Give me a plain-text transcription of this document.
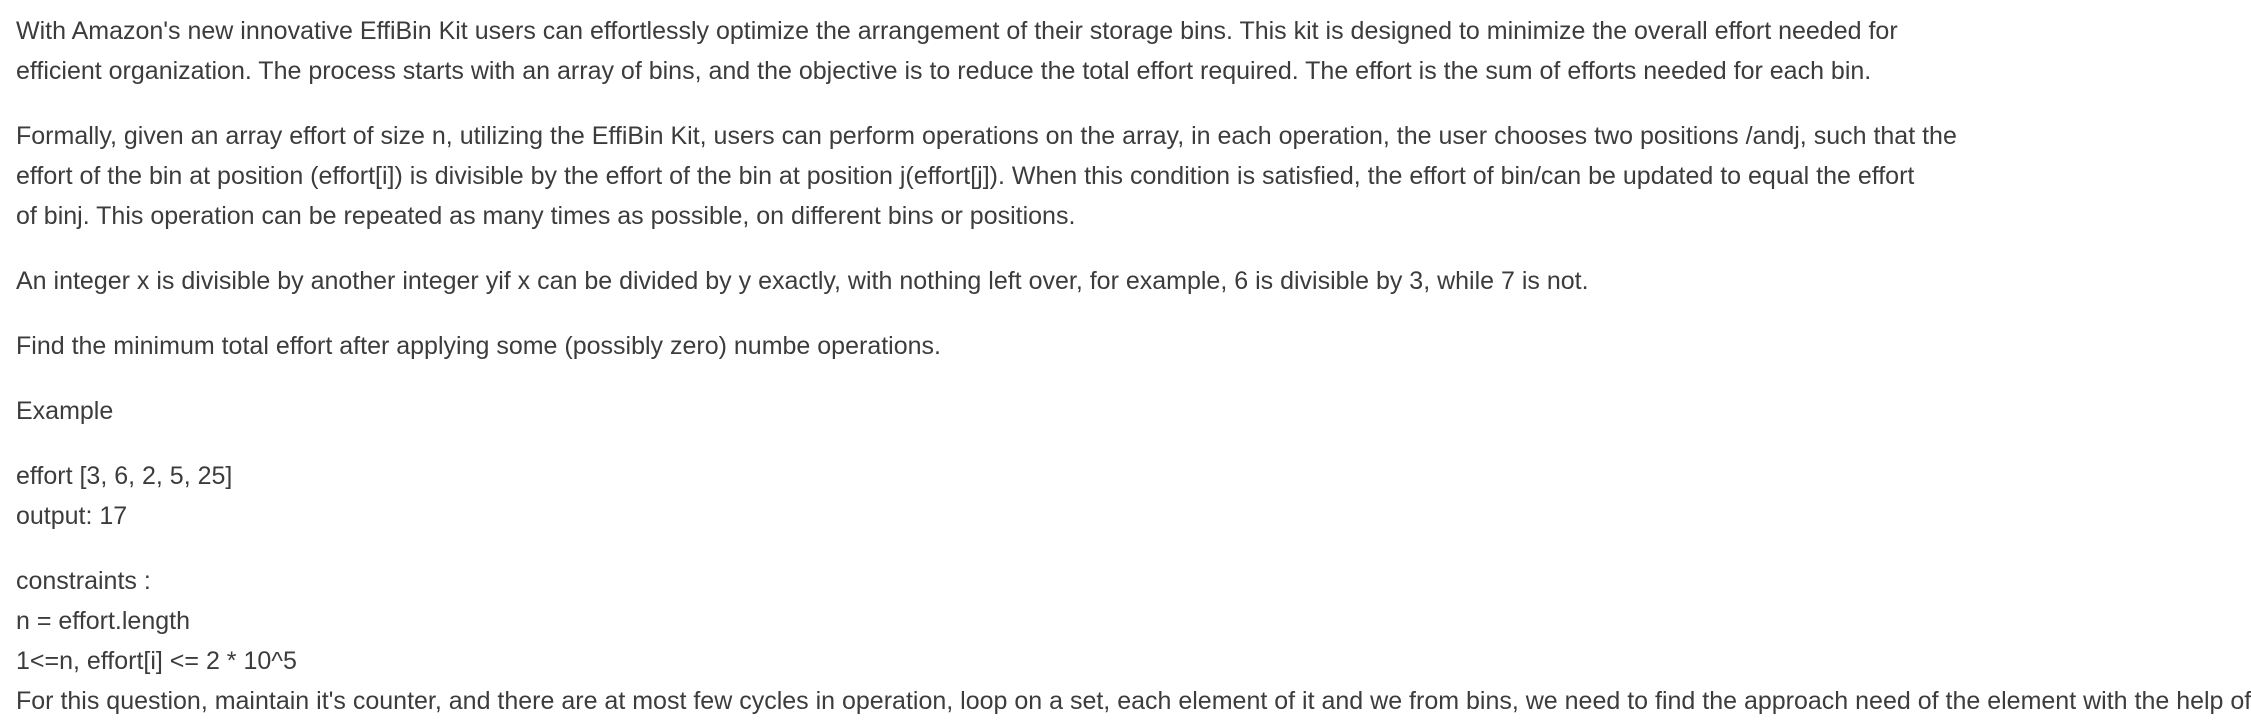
With Amazon's new innovative EffiBin Kit users can effortlessly optimize the arrangement of their storage bins. This kit is designed to minimize the overall effort needed for
efficient organization. The process starts with an array of bins, and the objective is to reduce the total effort required. The effort is the sum of efforts needed for each bin.

Formally, given an array effort of size n, utilizing the EffiBin Kit, users can perform operations on the array, in each operation, the user chooses two positions /andj, such that the
effort of the bin at position (effort[i]) is divisible by the effort of the bin at position j(effort[j]). When this condition is satisfied, the effort of bin/can be updated to equal the effort
of binj. This operation can be repeated as many times as possible, on different bins or positions.

An integer x is divisible by another integer yif x can be divided by y exactly, with nothing left over, for example, 6 is divisible by 3, while 7 is not.

Find the minimum total effort after applying some (possibly zero) numbe operations.

Example

effort [3, 6, 2, 5, 25]
output: 17
constraints :
n = effort.length
1<=n, effort[i] <= 2 * 10^5
For this question, maintain it's counter, and there are at most few cycles in operation, loop on a set, each element of it and we from bins, we need to find the approach need of the element with the help of
